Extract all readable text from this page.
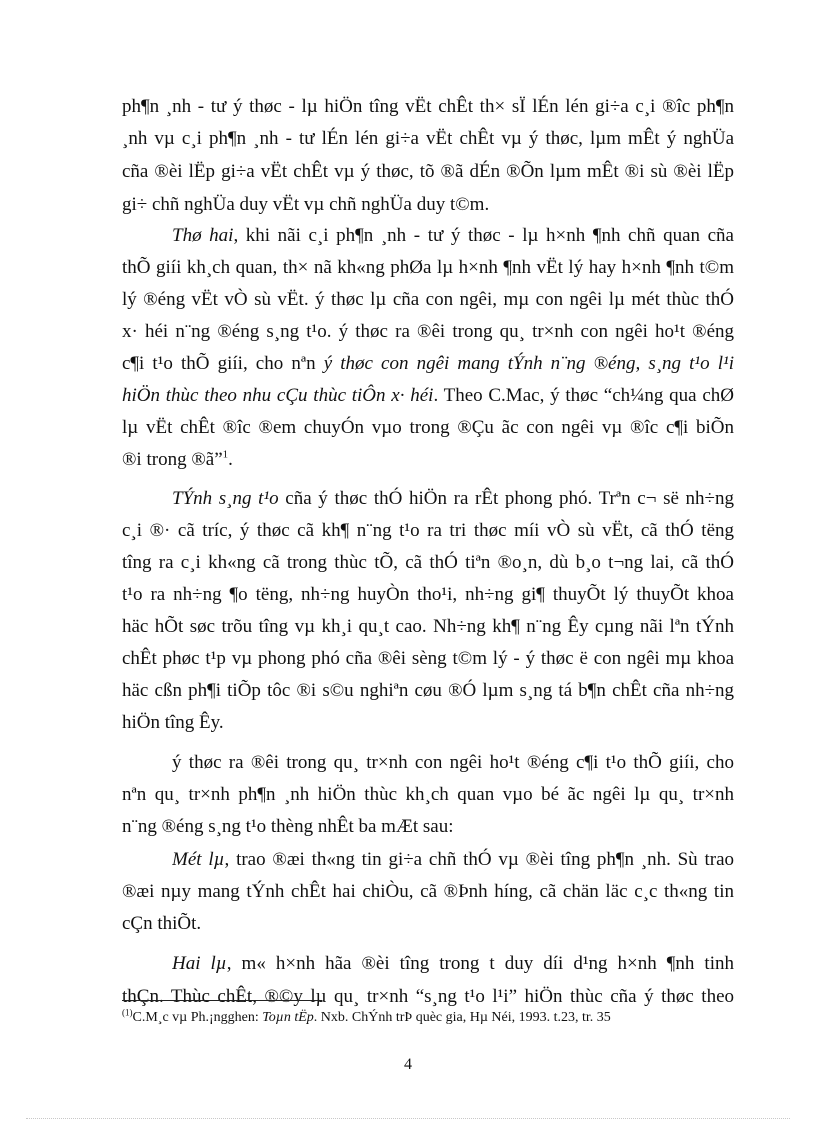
ph¶n ¸nh - tư ý thøc - lµ hiÖn tîng vËt chÊt th× sÏ lÉn lén gi÷a c¸i ®îc ph¶n
¸nh vµ c¸i ph¶n ¸nh - tư lÉn lén gi÷a vËt chÊt vµ ý thøc, lµm mÊt ý nghÜa
cña ®èi lËp gi÷a vËt chÊt vµ ý thøc, tõ ®ã dÉn ®Õn lµm mÊt ®i sù ®èi lËp
gi÷ chñ nghÜa duy vËt vµ chñ nghÜa duy t©m.
Thø hai, khi nãi c¸i ph¶n ¸nh - tư ý thøc - lµ h×nh ¶nh chñ quan cña
thÕ giíi kh¸ch quan, th× nã kh«ng phØa lµ h×nh ¶nh vËt lý hay h×nh ¶nh t©m
lý ®éng vËt vÒ sù vËt. ý thøc lµ cña con ngêi, mµ con ngêi lµ mét thùc thÓ
x· héi n¨ng ®éng s¸ng t¹o. ý thøc ra ®êi trong qu¸ tr×nh con ngêi ho¹t ®éng
c¶i t¹o thÕ giíi, cho nªn ý thøc con ngêi mang tÝnh n¨ng ®éng, s¸ng t¹o l¹i
hiÖn thùc theo nhu cÇu thùc tiÔn x· héi. Theo C.Mac, ý thøc “ch¼ng qua chØ
lµ vËt chÊt ®îc ®em chuyÓn vµo trong ®Çu ãc con ngêi vµ ®îc c¶i biÕn
®i trong ®ã”$^1$.
TÝnh s¸ng t¹o cña ý thøc thÓ hiÖn ra rÊt phong phó. Trªn c¬ së nh÷ng
c¸i ®· cã tríc, ý thøc cã kh¶ n¨ng t¹o ra tri thøc míi vÒ sù vËt, cã thÓ tëng
tîng ra c¸i kh«ng cã trong thùc tÕ, cã thÓ tiªn ®o¸n, dù b¸o t¬ng lai, cã thÓ
t¹o ra nh÷ng ¶o tëng, nh÷ng huyÒn tho¹i, nh÷ng gi¶ thuyÕt lý thuyÕt khoa
häc hÕt søc trõu tîng vµ kh¸i qu¸t cao. Nh÷ng kh¶ n¨ng Êy cµng nãi lªn tÝnh
chÊt phøc t¹p vµ phong phó cña ®êi sèng t©m lý - ý thøc ë con ngêi mµ khoa
häc cßn ph¶i tiÕp tôc ®i s©u nghiªn cøu ®Ó lµm s¸ng tá b¶n chÊt cña nh÷ng
hiÖn tîng Êy.
ý thøc ra ®êi trong qu¸ tr×nh con ngêi ho¹t ®éng c¶i t¹o thÕ giíi, cho
nªn qu¸ tr×nh ph¶n ¸nh hiÖn thùc kh¸ch quan vµo bé ãc ngêi lµ qu¸ tr×nh
n¨ng ®éng s¸ng t¹o thèng nhÊt ba mÆt sau:
Mét lµ, trao ®æi th«ng tin gi÷a chñ thÓ vµ ®èi tîng ph¶n ¸nh. Sù trao
®æi nµy mang tÝnh chÊt hai chiÒu, cã ®Þnh híng, cã chän läc c¸c th«ng tin
cÇn thiÕt.
Hai lµ, m« h×nh hãa ®èi tîng trong t duy díi d¹ng h×nh ¶nh tinh
thÇn. Thùc chÊt, ®©y lµ qu¸ tr×nh “s¸ng t¹o l¹i” hiÖn thùc cña ý thøc theo
$^{(1)}$C.M¸c vµ Ph.¡ngghen: Toµn tËp. Nxb. ChÝnh trÞ quèc gia, Hµ Néi, 1993. t.23, tr. 35
4
